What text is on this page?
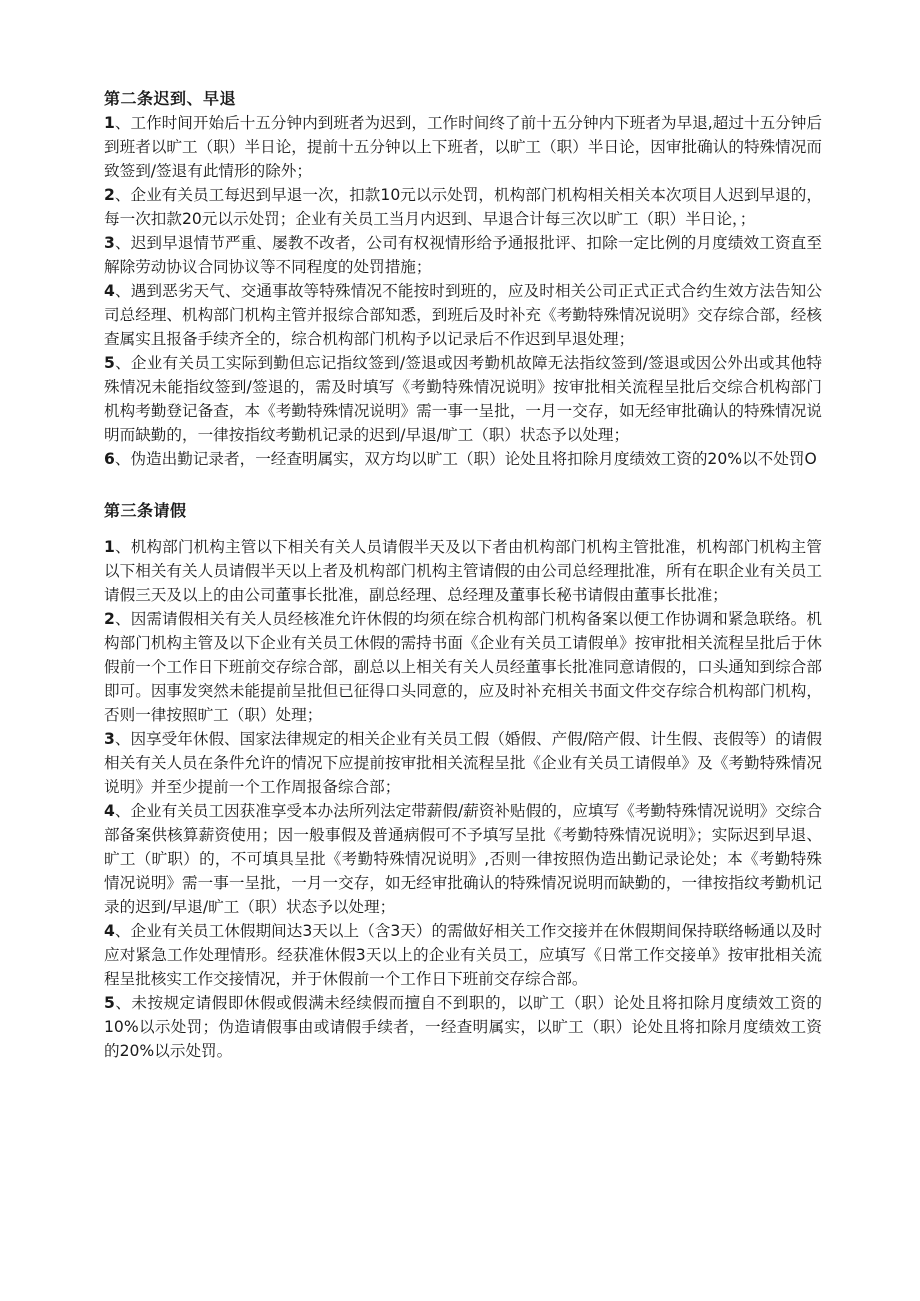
第二条迟到、早退

1、工作时间开始后十五分钟内到班者为迟到，工作时间终了前十五分钟内下班者为早退,超过十五分钟后到班者以旷工（职）半日论，提前十五分钟以上下班者，以旷工（职）半日论，因审批确认的特殊情况而致签到/签退有此情形的除外；

2、企业有关员工每迟到早退一次，扣款10元以示处罚，机构部门机构相关相关本次项目人迟到早退的，每一次扣款20元以示处罚；企业有关员工当月内迟到、早退合计每三次以旷工（职）半日论，；

3、迟到早退情节严重、屡教不改者，公司有权视情形给予通报批评、扣除一定比例的月度绩效工资直至解除劳动协议合同协议等不同程度的处罚措施；

4、遇到恶劣天气、交通事故等特殊情况不能按时到班的，应及时相关公司正式正式合约生效方法告知公司总经理、机构部门机构主管并报综合部知悉，到班后及时补充《考勤特殊情况说明》交存综合部，经核查属实且报备手续齐全的，综合机构部门机构予以记录后不作迟到早退处理；

5、企业有关员工实际到勤但忘记指纹签到/签退或因考勤机故障无法指纹签到/签退或因公外出或其他特殊情况未能指纹签到/签退的，需及时填写《考勤特殊情况说明》按审批相关流程呈批后交综合机构部门机构考勤登记备查，本《考勤特殊情况说明》需一事一呈批，一月一交存，如无经审批确认的特殊情况说明而缺勤的，一律按指纹考勤机记录的迟到/早退/旷工（职）状态予以处理；

6、伪造出勤记录者，一经查明属实，双方均以旷工（职）论处且将扣除月度绩效工资的20%以不处罚O

第三条请假

1、机构部门机构主管以下相关有关人员请假半天及以下者由机构部门机构主管批准，机构部门机构主管以下相关有关人员请假半天以上者及机构部门机构主管请假的由公司总经理批准，所有在职企业有关员工请假三天及以上的由公司董事长批准，副总经理、总经理及董事长秘书请假由董事长批准；

2、因需请假相关有关人员经核准允许休假的均须在综合机构部门机构备案以便工作协调和紧急联络。机构部门机构主管及以下企业有关员工休假的需持书面《企业有关员工请假单》按审批相关流程呈批后于休假前一个工作日下班前交存综合部，副总以上相关有关人员经董事长批准同意请假的，口头通知到综合部即可。因事发突然未能提前呈批但已征得口头同意的，应及时补充相关书面文件交存综合机构部门机构，否则一律按照旷工（职）处理；

3、因享受年休假、国家法律规定的相关企业有关员工假（婚假、产假/陪产假、计生假、丧假等）的请假相关有关人员在条件允许的情况下应提前按审批相关流程呈批《企业有关员工请假单》及《考勤特殊情况说明》并至少提前一个工作周报备综合部；

4、企业有关员工因获准享受本办法所列法定带薪假/薪资补贴假的，应填写《考勤特殊情况说明》交综合部备案供核算薪资使用；因一般事假及普通病假可不予填写呈批《考勤特殊情况说明》；实际迟到早退、旷工（旷职）的，不可填具呈批《考勤特殊情况说明》,否则一律按照伪造出勤记录论处；本《考勤特殊情况说明》需一事一呈批，一月一交存，如无经审批确认的特殊情况说明而缺勤的，一律按指纹考勤机记录的迟到/早退/旷工（职）状态予以处理；

4、企业有关员工休假期间达3天以上（含3天）的需做好相关工作交接并在休假期间保持联络畅通以及时应对紧急工作处理情形。经获准休假3天以上的企业有关员工，应填写《日常工作交接单》按审批相关流程呈批核实工作交接情况，并于休假前一个工作日下班前交存综合部。

5、未按规定请假即休假或假满未经续假而擅自不到职的，以旷工（职）论处且将扣除月度绩效工资的10%以示处罚；伪造请假事由或请假手续者，一经查明属实，以旷工（职）论处且将扣除月度绩效工资的20%以示处罚。
